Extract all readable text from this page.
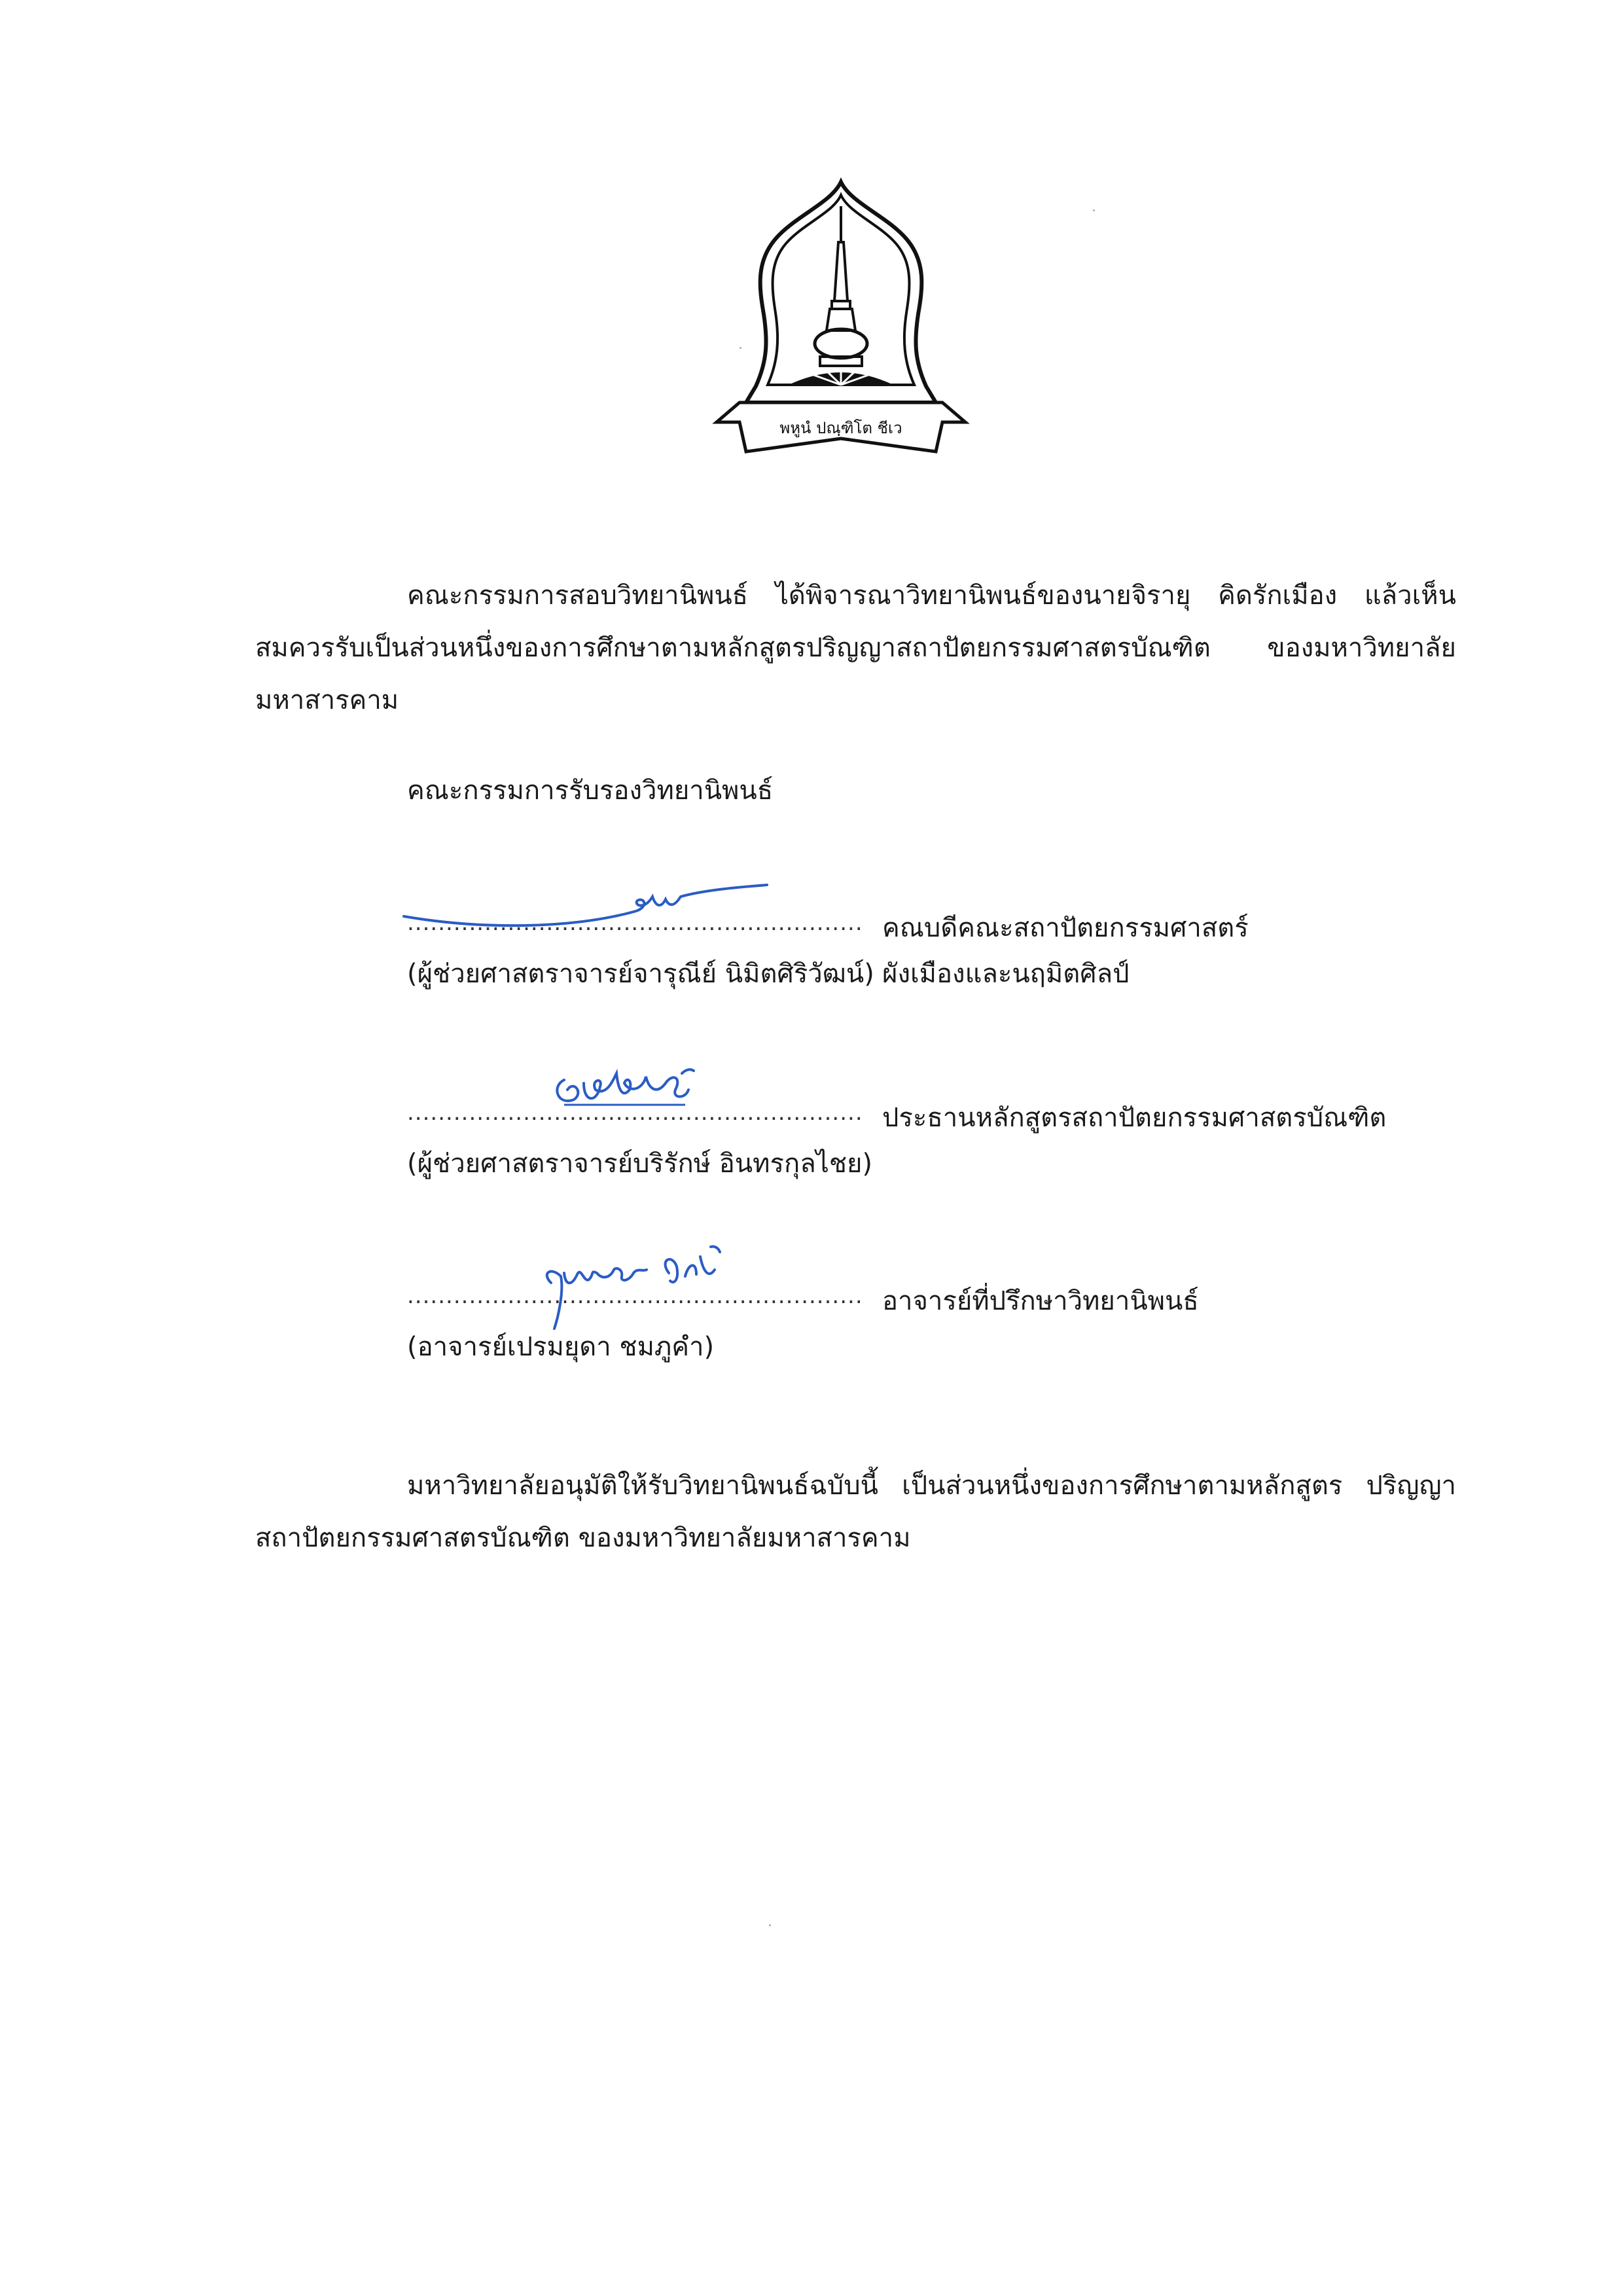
พหูนํ ปณฺฑิโต ชีเว

คณะกรรมการสอบวิทยานิพนธ์ ได้พิจารณาวิทยานิพนธ์ของนายจิรายุ คิดรักเมือง แล้วเห็นสมควรรับเป็นส่วนหนึ่งของการศึกษาตามหลักสูตรปริญญาสถาปัตยกรรมศาสตรบัณฑิต ของมหาวิทยาลัยมหาสารคาม

คณะกรรมการรับรองวิทยานิพนธ์
...........................................................
(ผู้ช่วยศาสตราจารย์จารุณีย์ นิมิตศิริวัฒน์)
คณบดีคณะสถาปัตยกรรมศาสตร์
ผังเมืองและนฤมิตศิลป์
...........................................................
(ผู้ช่วยศาสตราจารย์บริรักษ์ อินทรกุลไชย)
ประธานหลักสูตรสถาปัตยกรรมศาสตรบัณฑิต
...........................................................
(อาจารย์เปรมยุดา ชมภูคำ)
อาจารย์ที่ปรึกษาวิทยานิพนธ์

มหาวิทยาลัยอนุมัติให้รับวิทยานิพนธ์ฉบับนี้ เป็นส่วนหนึ่งของการศึกษาตามหลักสูตร ปริญญาสถาปัตยกรรมศาสตรบัณฑิต ของมหาวิทยาลัยมหาสารคาม
